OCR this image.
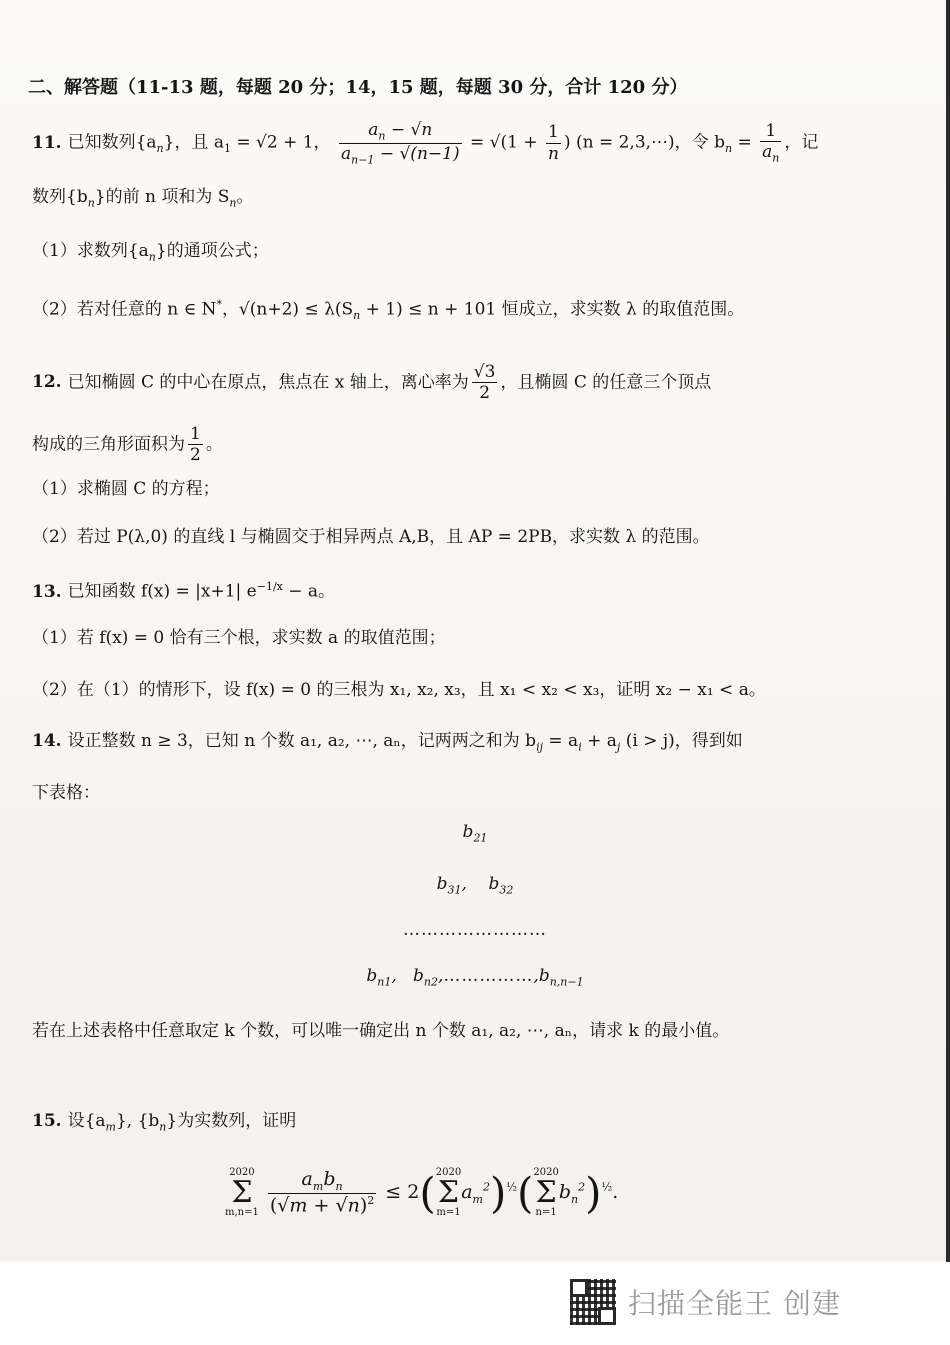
二、解答题（11-13 题，每题 20 分；14，15 题，每题 30 分，合计 120 分）
11. 已知数列$\{a_n\}$，且 $a_1 = √2 + 1$， $\frac{a_n - √n}{a_{n-1} - √(n-1)} = √(1 + \frac{1}{n}$ ) (n = 2,3,⋯)，令 $b_n = \frac{1}{a_n}$ ，记
数列$\{b_n\}$的前 n 项和为 $S_n$。
（1）求数列$\{a_n\}$的通项公式；
（2）若对任意的 n ∈ N*，$√(n+2) \le \lambda(S_n + 1) \le n + 101$ 恒成立，求实数 λ 的取值范围。
12. 已知椭圆 C 的中心在原点，焦点在 x 轴上，离心率为 $\frac{√3}{2}$ ，且椭圆 C 的任意三个顶点
构成的三角形面积为 $\frac{1}{2}$ 。
（1）求椭圆 C 的方程；
（2）若过 P(λ,0) 的直线 l 与椭圆交于相异两点 A,B，且 AP = 2PB，求实数 λ 的范围。
13. 已知函数 f(x) = |x+1| $e^{-1/x} - a$。
（1）若 f(x) = 0 恰有三个根，求实数 a 的取值范围；
（2）在（1）的情形下，设 f(x) = 0 的三根为 x₁, x₂, x₃，且 x₁ < x₂ < x₃，证明 x₂ − x₁ < a。
14. 设正整数 n ≥ 3，已知 n 个数 a₁, a₂, ⋯, aₙ，记两两之和为 $b_{ij} = a_i + a_j$ (i > j)，得到如
下表格：
$b_{21}$
$b_{31}$,    $b_{32}$
……………………
$b_{n1}$,   $b_{n2},\dots\dots\dots\dots\dots,b_{n,n-1}$
若在上述表格中任意取定 k 个数，可以唯一确定出 n 个数 a₁, a₂, ⋯, aₙ，请求 k 的最小值。
15. 设$\{a_m\}$, $\{b_n\}$为实数列，证明
2020
Σ
m,n=1
$\frac{a_mb_n}{(√m + √n)^2} \le 2$( 2020
Σ
m=1
$a_m^2)^{\frac{1}{2}}$( 2020
Σ
n=1
$b_n^2)^{\frac{1}{2}}$.
扫描全能王 创建
